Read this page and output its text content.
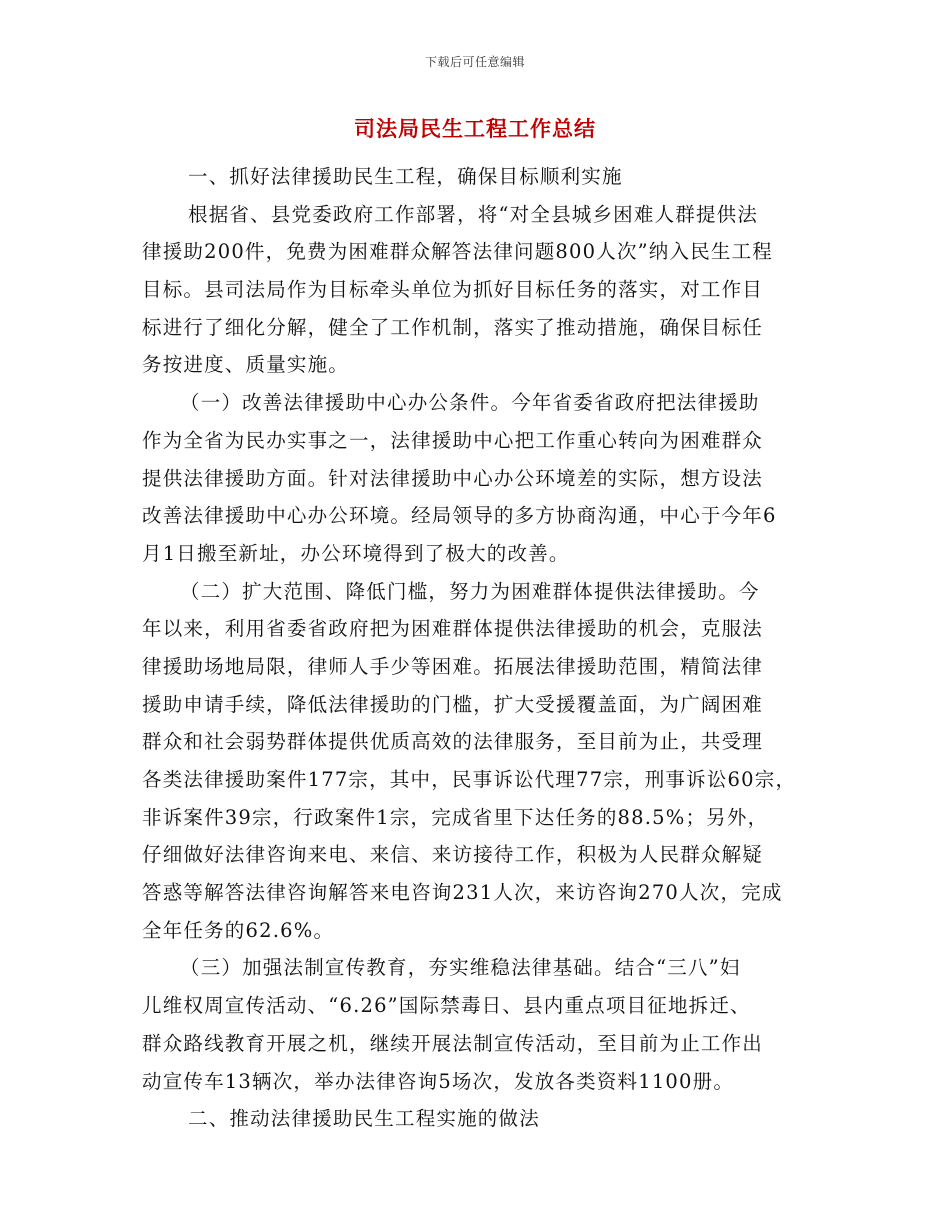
下载后可任意编辑
司法局民生工程工作总结
一、抓好法律援助民生工程，确保目标顺利实施
根据省、县党委政府工作部署，将“对全县城乡困难人群提供法
律援助200件，免费为困难群众解答法律问题800人次”纳入民生工程
目标。县司法局作为目标牵头单位为抓好目标任务的落实，对工作目
标进行了细化分解，健全了工作机制，落实了推动措施，确保目标任
务按进度、质量实施。
（一）改善法律援助中心办公条件。今年省委省政府把法律援助
作为全省为民办实事之一，法律援助中心把工作重心转向为困难群众
提供法律援助方面。针对法律援助中心办公环境差的实际，想方设法
改善法律援助中心办公环境。经局领导的多方协商沟通，中心于今年6
月1日搬至新址，办公环境得到了极大的改善。
（二）扩大范围、降低门槛，努力为困难群体提供法律援助。今
年以来，利用省委省政府把为困难群体提供法律援助的机会，克服法
律援助场地局限，律师人手少等困难。拓展法律援助范围，精简法律
援助申请手续，降低法律援助的门槛，扩大受援覆盖面，为广阔困难
群众和社会弱势群体提供优质高效的法律服务，至目前为止，共受理
各类法律援助案件177宗，其中，民事诉讼代理77宗，刑事诉讼60宗，
非诉案件39宗，行政案件1宗，完成省里下达任务的88.5%；另外，
仔细做好法律咨询来电、来信、来访接待工作，积极为人民群众解疑
答惑等解答法律咨询解答来电咨询231人次，来访咨询270人次，完成
全年任务的62.6%。
（三）加强法制宣传教育，夯实维稳法律基础。结合“三八”妇
儿维权周宣传活动、“6.26”国际禁毒日、县内重点项目征地拆迁、
群众路线教育开展之机，继续开展法制宣传活动，至目前为止工作出
动宣传车13辆次，举办法律咨询5场次，发放各类资料1100册。
二、推动法律援助民生工程实施的做法
